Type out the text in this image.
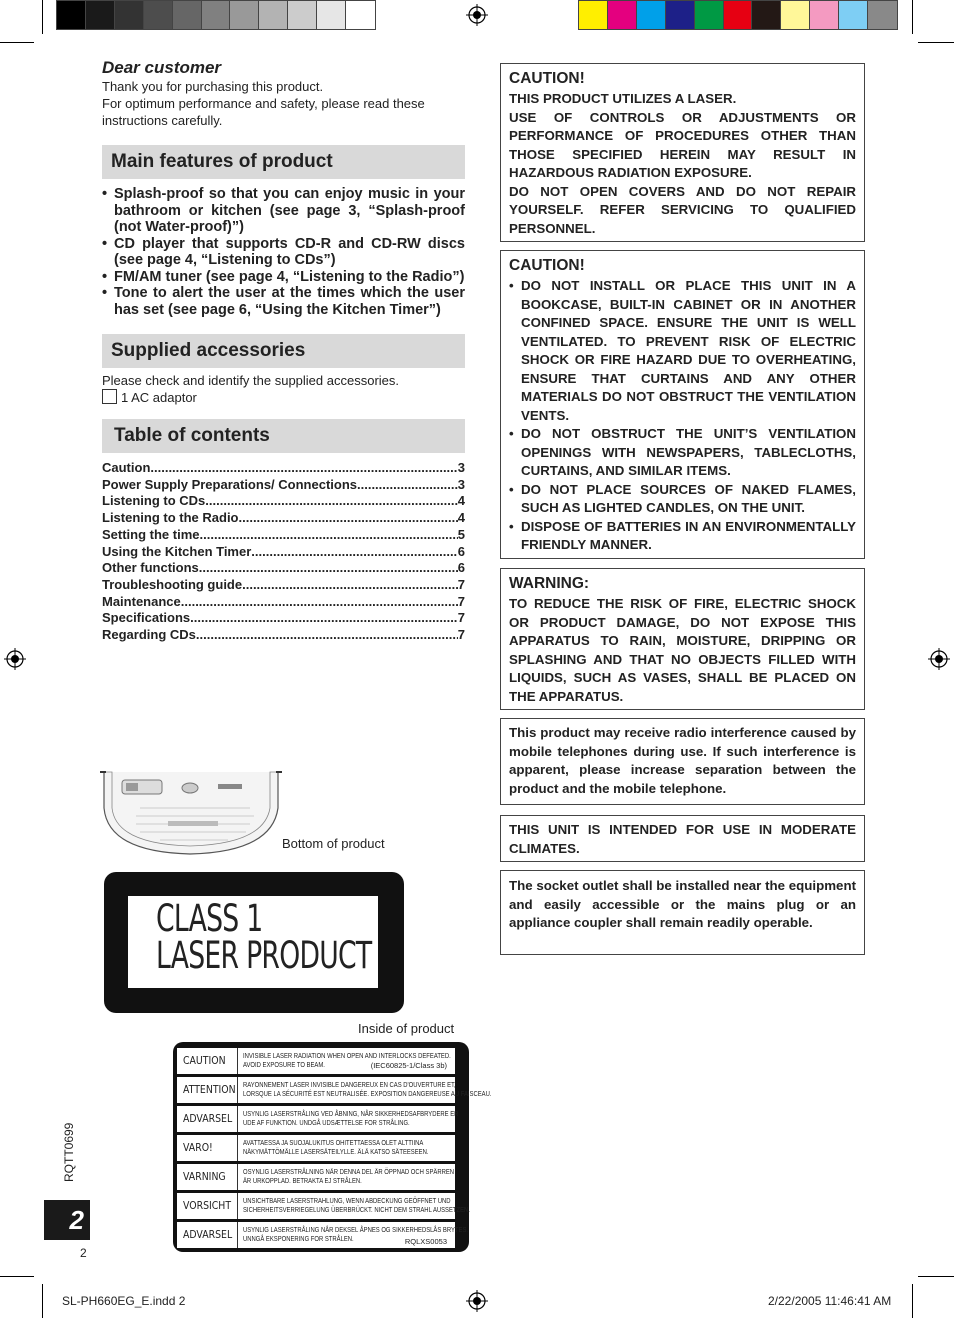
SL-PH660EG_E.indd 2	2/22/2005 11:46:41 AM
Dear customer

Thank you for purchasing this product.

For optimum performance and safety, please read these instructions carefully.

Main features of product
• Splash-proof so that you can enjoy music in your bathroom or kitchen (see page 3, “Splash-proof (not Water-proof)”)
• CD player that supports CD-R and CD-RW discs (see page 4, “Listening to CDs”)
• FM/AM tuner (see page 4, “Listening to the Radio”)
• Tone to alert the user at the times which the user has set (see page 6, “Using the Kitchen Timer”)
Supplied accessories

Please check and identify the supplied accessories.

1 AC adaptor

Table of contents
Caution .....	3
Power Supply Preparations/ Connections .....	3
Listening to CDs .....	4
Listening to the Radio .....	4
Setting the time .....	5
Using the Kitchen Timer .....	6
Other functions .....	6
Troubleshooting guide .....	7
Maintenance .....	7
Specifications .....	7
Regarding CDs .....	7
Bottom of product
CLASS 1
LASER PRODUCT
Inside of product
CAUTION INVISIBLE LASER RADIATION WHEN OPEN AND INTERLOCKS DEFEATED.
AVOID EXPOSURE TO BEAM.	(IEC60825-1/Class 3b)
ATTENTION RAYONNEMENT LASER INVISIBLE DANGEREUX EN CAS D'OUVERTURE ET,
LORSQUE LA SÉCURITÉ EST NEUTRALISÉE. EXPOSITION DANGEREUSE AU FAISCEAU.
ADVARSEL USYNLIG LASERSTRÅLING VED ÅBNING, NÅR SIKKERHEDSAFBRYDERE ER
UDE AF FUNKTION. UNDGÅ UDSÆTTELSE FOR STRÅLING.
VARO!	AVATTAESSA JA SUOJALUKITUS OHITETTAESSA OLET ALTTIINA
NÄKYMÄTTÖMÄLLE LASERSÄTEILYLLE. ÄLÄ KATSO SÄTEESEEN.
VARNING OSYNLIG LASERSTRÅLNING NÄR DENNA DEL ÄR ÖPPNAD OCH SPÄRREN
ÄR URKOPPLAD. BETRAKTA EJ STRÅLEN.
VORSICHT UNSICHTBARE LASERSTRAHLUNG, WENN ABDECKUNG GEÖFFNET UND
SICHERHEITSVERRIEGELUNG ÜBERBRÜCKT. NICHT DEM STRAHL AUSSETZEN.
ADVARSEL USYNLIG LASERSTRÅLING NÅR DEKSEL ÅPNES OG SIKKERHEDSLÅS BRYTES.
UNNGÅ EKSPONERING FOR STRÅLEN.	RQLXS0053
RQTT0699
2
2
CAUTION!

THIS PRODUCT UTILIZES A LASER.

USE OF CONTROLS OR ADJUSTMENTS OR PERFORMANCE OF PROCEDURES OTHER THAN THOSE SPECIFIED HEREIN MAY RESULT IN HAZARDOUS RADIATION EXPOSURE.

DO NOT OPEN COVERS AND DO NOT REPAIR YOURSELF. REFER SERVICING TO QUALIFIED PERSONNEL.

CAUTION!
• DO NOT INSTALL OR PLACE THIS UNIT IN A BOOKCASE, BUILT-IN CABINET OR IN ANOTHER CONFINED SPACE. ENSURE THE UNIT IS WELL VENTILATED. TO PREVENT RISK OF ELECTRIC SHOCK OR FIRE HAZARD DUE TO OVERHEATING, ENSURE THAT CURTAINS AND ANY OTHER MATERIALS DO NOT OBSTRUCT THE VENTILATION VENTS.
• DO NOT OBSTRUCT THE UNIT’S VENTILATION OPENINGS WITH NEWSPAPERS, TABLECLOTHS, CURTAINS, AND SIMILAR ITEMS.
• DO NOT PLACE SOURCES OF NAKED FLAMES, SUCH AS LIGHTED CANDLES, ON THE UNIT.
• DISPOSE OF BATTERIES IN AN ENVIRONMENTALLY FRIENDLY MANNER.
WARNING:

TO REDUCE THE RISK OF FIRE, ELECTRIC SHOCK OR PRODUCT DAMAGE, DO NOT EXPOSE THIS APPARATUS TO RAIN, MOISTURE, DRIPPING OR SPLASHING AND THAT NO OBJECTS FILLED WITH LIQUIDS, SUCH AS VASES, SHALL BE PLACED ON THE APPARATUS.

This product may receive radio interference caused by mobile telephones during use. If such interference is apparent, please increase separation between the product and the mobile telephone.

THIS UNIT IS INTENDED FOR USE IN MODERATE CLIMATES.

The socket outlet shall be installed near the equipment and easily accessible or the mains plug or an appliance coupler shall remain readily operable.
